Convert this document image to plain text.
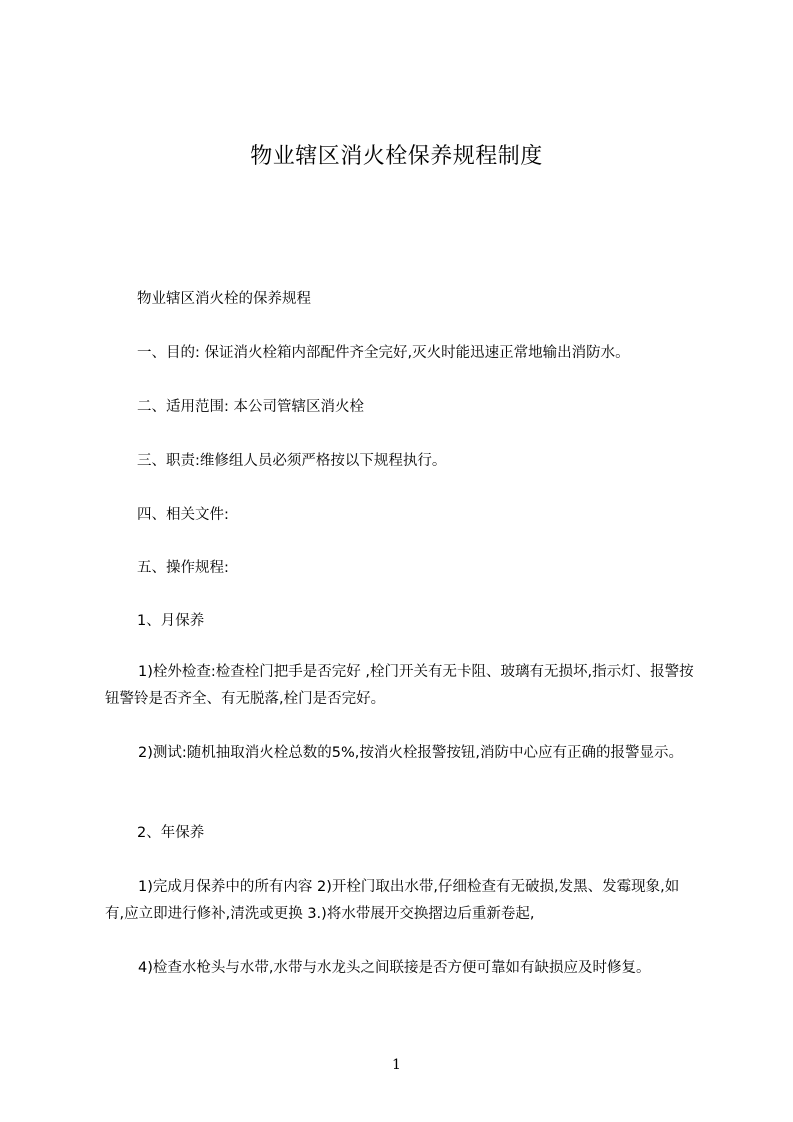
物业辖区消火栓保养规程制度
物业辖区消火栓的保养规程
一、目的: 保证消火栓箱内部配件齐全完好,灭火时能迅速正常地输出消防水。
二、适用范围: 本公司管辖区消火栓
三、职责:维修组人员必须严格按以下规程执行。
四、相关文件:
五、操作规程:
1、月保养
1)栓外检查:检查栓门把手是否完好 ,栓门开关有无卡阻、玻璃有无损坏,指示灯、报警按钮警铃是否齐全、有无脱落,栓门是否完好。
2)测试:随机抽取消火栓总数的5%,按消火栓报警按钮,消防中心应有正确的报警显示。
2、年保养
1)完成月保养中的所有内容 2)开栓门取出水带,仔细检查有无破损,发黑、发霉现象,如有,应立即进行修补,清洗或更换 3.)将水带展开交换摺边后重新卷起,
4)检查水枪头与水带,水带与水龙头之间联接是否方便可靠如有缺损应及时修复。
1
